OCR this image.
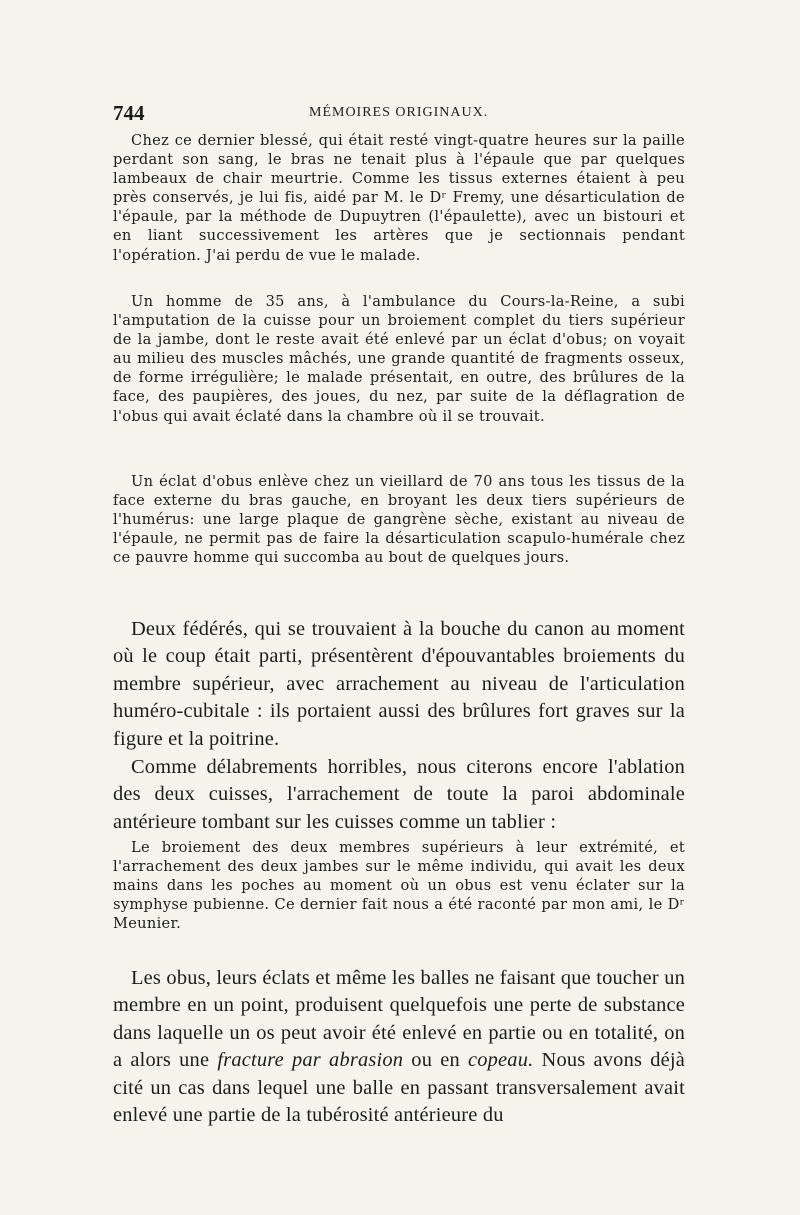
744	MÉMOIRES ORIGINAUX.

Chez ce dernier blessé, qui était resté vingt-quatre heures sur la paille perdant son sang, le bras ne tenait plus à l'épaule que par quelques lambeaux de chair meurtrie. Comme les tissus externes étaient à peu près conservés, je lui fis, aidé par M. le Dʳ Fremy, une désarticulation de l'épaule, par la méthode de Dupuytren (l'épaulette), avec un bistouri et en liant successivement les artères que je sectionnais pendant l'opération. J'ai perdu de vue le malade.

Un homme de 35 ans, à l'ambulance du Cours-la-Reine, a subi l'amputation de la cuisse pour un broiement complet du tiers supérieur de la jambe, dont le reste avait été enlevé par un éclat d'obus; on voyait au milieu des muscles mâchés, une grande quantité de fragments osseux, de forme irrégulière; le malade présentait, en outre, des brûlures de la face, des paupières, des joues, du nez, par suite de la déflagration de l'obus qui avait éclaté dans la chambre où il se trouvait.

Un éclat d'obus enlève chez un vieillard de 70 ans tous les tissus de la face externe du bras gauche, en broyant les deux tiers supérieurs de l'humérus: une large plaque de gangrène sèche, existant au niveau de l'épaule, ne permit pas de faire la désarticulation scapulo-humérale chez ce pauvre homme qui succomba au bout de quelques jours.

Deux fédérés, qui se trouvaient à la bouche du canon au moment où le coup était parti, présentèrent d'épouvantables broiements du membre supérieur, avec arrachement au niveau de l'articulation huméro-cubitale : ils portaient aussi des brûlures fort graves sur la figure et la poitrine.

Comme délabrements horribles, nous citerons encore l'ablation des deux cuisses, l'arrachement de toute la paroi abdominale antérieure tombant sur les cuisses comme un tablier :

Le broiement des deux membres supérieurs à leur extrémité, et l'arrachement des deux jambes sur le même individu, qui avait les deux mains dans les poches au moment où un obus est venu éclater sur la symphyse pubienne. Ce dernier fait nous a été raconté par mon ami, le Dʳ Meunier.

Les obus, leurs éclats et même les balles ne faisant que toucher un membre en un point, produisent quelquefois une perte de substance dans laquelle un os peut avoir été enlevé en partie ou en totalité, on a alors une fracture par abrasion ou en copeau. Nous avons déjà cité un cas dans lequel une balle en passant transversalement avait enlevé une partie de la tubérosité antérieure du
